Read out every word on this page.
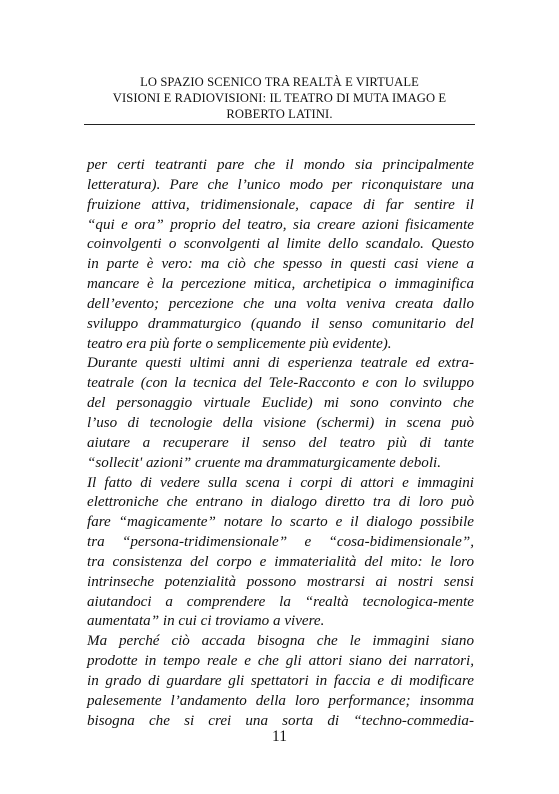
LO SPAZIO SCENICO TRA REALTÀ E VIRTUALE
VISIONI E RADIOVISIONI: IL TEATRO DI MUTA IMAGO E
ROBERTO LATINI.
per certi teatranti pare che il mondo sia principalmente
letteratura). Pare che l’unico modo per riconquistare una
fruizione attiva, tridimensionale, capace di far sentire il
“qui e ora” proprio del teatro, sia creare azioni fisicamente
coinvolgenti o sconvolgenti al limite dello scandalo. Questo
in parte è vero: ma ciò che spesso in questi casi viene a
mancare è la percezione mitica, archetipica o immaginifica
dell’evento; percezione che una volta veniva creata dallo
sviluppo drammaturgico (quando il senso comunitario del
teatro era più forte o semplicemente più evidente).
Durante questi ultimi anni di esperienza teatrale ed extra-
teatrale (con la tecnica del Tele-Racconto e con lo sviluppo
del personaggio virtuale Euclide) mi sono convinto che
l’uso di tecnologie della visione (schermi) in scena può
aiutare a recuperare il senso del teatro più di tante
“sollecit' azioni” cruente ma drammaturgicamente deboli.
Il fatto di vedere sulla scena i corpi di attori e immagini
elettroniche che entrano in dialogo diretto tra di loro può
fare “magicamente” notare lo scarto e il dialogo possibile
tra “persona-tridimensionale” e “cosa-bidimensionale”,
tra consistenza del corpo e immaterialità del mito: le loro
intrinseche potenzialità possono mostrarsi ai nostri sensi
aiutandoci a comprendere la “realtà tecnologica-mente
aumentata” in cui ci troviamo a vivere.
Ma perché ciò accada bisogna che le immagini siano
prodotte in tempo reale e che gli attori siano dei narratori,
in grado di guardare gli spettatori in faccia e di modificare
palesemente l’andamento della loro performance; insomma
bisogna che si crei una sorta di “techno-commedia-
11
